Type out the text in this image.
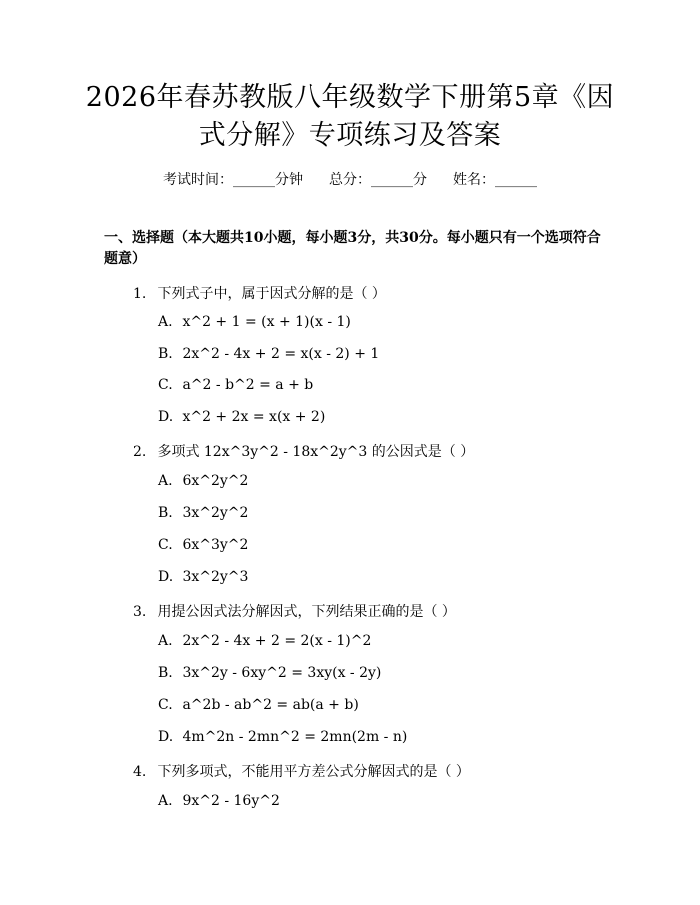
2026年春苏教版八年级数学下册第5章《因
式分解》专项练习及答案
考试时间：______分钟 总分：______分 姓名：______
一、选择题（本大题共10小题，每小题3分，共30分。每小题只有一个选项符合题意）
1. 下列式子中，属于因式分解的是（ ）
A. x^2 + 1 = (x + 1)(x - 1)
B. 2x^2 - 4x + 2 = x(x - 2) + 1
C. a^2 - b^2 = a + b
D. x^2 + 2x = x(x + 2)
2. 多项式 12x^3y^2 - 18x^2y^3 的公因式是（ ）
A. 6x^2y^2
B. 3x^2y^2
C. 6x^3y^2
D. 3x^2y^3
3. 用提公因式法分解因式，下列结果正确的是（ ）
A. 2x^2 - 4x + 2 = 2(x - 1)^2
B. 3x^2y - 6xy^2 = 3xy(x - 2y)
C. a^2b - ab^2 = ab(a + b)
D. 4m^2n - 2mn^2 = 2mn(2m - n)
4. 下列多项式，不能用平方差公式分解因式的是（ ）
A. 9x^2 - 16y^2
